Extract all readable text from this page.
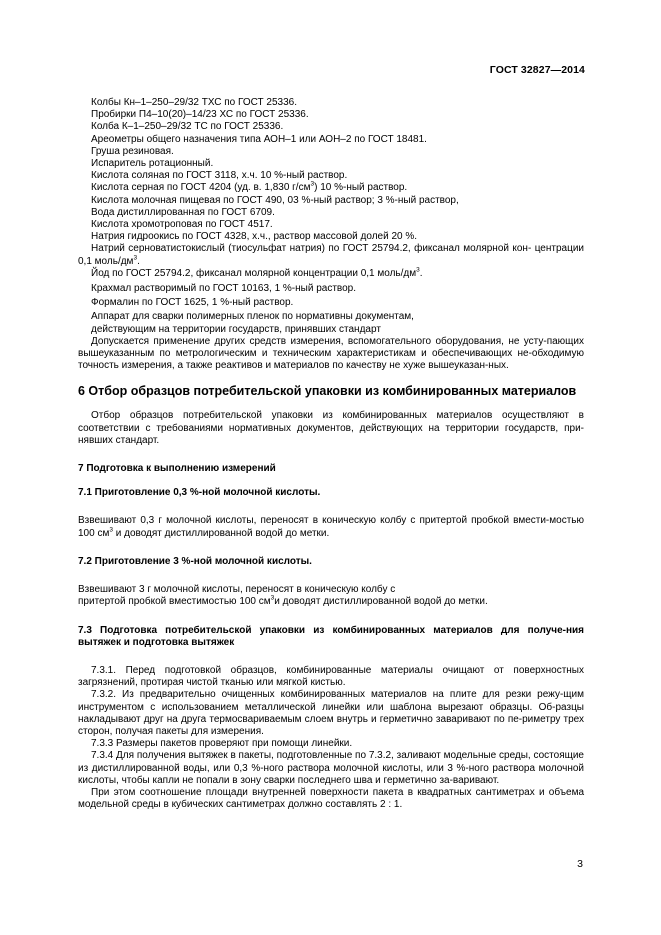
ГОСТ 32827—2014

Колбы Кн–1–250–29/32 ТХС по ГОСТ 25336.

Пробирки П4–10(20)–14/23 ХС по ГОСТ 25336.

Колба К–1–250–29/32 ТС по ГОСТ 25336.

Ареометры общего назначения типа АОН–1 или АОН–2 по ГОСТ 18481.

Груша резиновая.

Испаритель ротационный.

Кислота соляная по ГОСТ 3118, х.ч. 10 %-ный раствор.

Кислота серная по ГОСТ 4204 (уд. в. 1,830 $г/см^3$) 10 %-ный раствор.

Кислота молочная пищевая по ГОСТ 490, 03 %-ный раствор; 3 %-ный раствор,

Вода дистиллированная по ГОСТ 6709.

Кислота хромотроповая по ГОСТ 4517.

Натрия гидроокись по ГОСТ 4328, х.ч., раствор массовой долей 20 %.

Натрий серноватистокислый (тиосульфат натрия) по ГОСТ 25794.2, фиксанал молярной кон- центрации 0,1 моль/$дм^3$.

Йод по ГОСТ 25794.2, фиксанал молярной концентрации 0,1 моль/$дм^3$.

Крахмал растворимый по ГОСТ 10163, 1 %-ный раствор.

Формалин по ГОСТ 1625, 1 %-ный раствор.

Аппарат для сварки полимерных пленок по нормативны документам,

действующим на территории государств, принявших стандарт

Допускается применение других средств измерения, вспомогательного оборудования, не усту-пающих вышеуказанным по метрологическим и техническим характеристикам и обеспечивающих не-обходимую точность измерения, а также реактивов и материалов по качеству не хуже вышеуказан-ных.

6 Отбор образцов потребительской упаковки из комбинированных материалов

Отбор образцов потребительской упаковки из комбинированных материалов осуществляют в соответствии с требованиями нормативных документов, действующих на территории государств, при-нявших стандарт.

7 Подготовка к выполнению измерений

7.1 Приготовление 0,3 %-ной молочной кислоты.

Взвешивают 0,3 г молочной кислоты, переносят в коническую колбу с притертой пробкой вмести-мостью 100 $см^3$ и доводят дистиллированной водой до метки.

7.2 Приготовление 3 %-ной молочной кислоты.

Взвешивают 3 г молочной кислоты, переносят в коническую колбу с
притертой пробкой вместимостью 100 $см^3и$ доводят дистиллированной водой до метки.

7.3 Подготовка потребительской упаковки из комбинированных материалов для получе-ния вытяжек и подготовка вытяжек

7.3.1. Перед подготовкой образцов, комбинированные материалы очищают от поверхностных загрязнений, протирая чистой тканью или мягкой кистью.

7.3.2. Из предварительно очищенных комбинированных материалов на плите для резки режу-щим инструментом с использованием металлической линейки или шаблона вырезают образцы. Об-разцы накладывают друг на друга термосвариваемым слоем внутрь и герметично заваривают по пе-риметру трех сторон, получая пакеты для измерения.

7.3.3 Размеры пакетов проверяют при помощи линейки.

7.3.4 Для получения вытяжек в пакеты, подготовленные по 7.3.2, заливают модельные среды, состоящие из дистиллированной воды, или 0,3 %-ного раствора молочной кислоты, или 3 %-ного раствора молочной кислоты, чтобы капли не попали в зону сварки последнего шва и герметично за-варивают.

При этом соотношение площади внутренней поверхности пакета в квадратных сантиметрах и объема модельной среды в кубических сантиметрах должно составлять 2 : 1.

3
